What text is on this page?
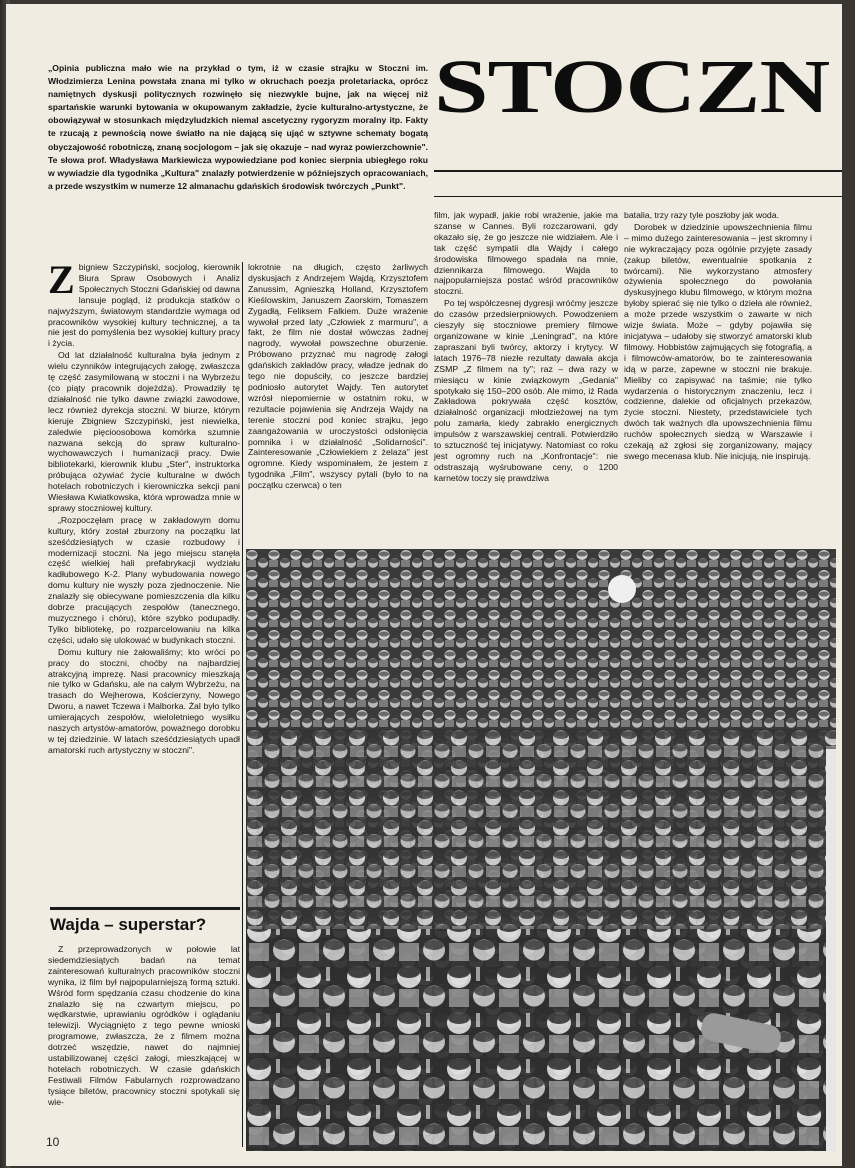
„Opinia publiczna mało wie na przykład o tym, iż w czasie strajku w Stoczni im. Włodzimierza Lenina powstała znana mi tylko w okruchach poezja proletariacka, oprócz namiętnych dyskusji politycznych rozwinęło się niezwykle bujne, jak na więcej niż spartańskie warunki bytowania w okupowanym zakładzie, życie kulturalno-artystyczne, że obowiązywał w stosunkach międzyludzkich niemal ascetyczny rygoryzm moralny itp. Fakty te rzucają z pewnością nowe światło na nie dającą się ująć w sztywne schematy bogatą obyczajowość robotniczą, znaną socjologom – jak się okazuje – nad wyraz powierzchownie". Te słowa prof. Władysława Markiewicza wypowiedziane pod koniec sierpnia ubiegłego roku w wywiadzie dla tygodnika „Kultura" znalazły potwierdzenie w późniejszych opracowaniach, a przede wszystkim w numerze 12 almanachu gdańskich środowisk twórczych „Punkt".

STOCZN

Zbigniew Szczypiński, socjolog, kierownik Biura Spraw Osobowych i Analiz Społecznych Stoczni Gdańskiej od dawna lansuje pogląd, iż produkcja statków o najwyższym, światowym standardzie wymaga od pracowników wysokiej kultury technicznej, a ta nie jest do pomyślenia bez wysokiej kultury pracy i życia.

Od lat działalność kulturalna była jednym z wielu czynników integrujących załogę, zwłaszcza tę część zasymilowaną w stoczni i na Wybrzeżu (co piąty pracownik dojeżdża). Prowadziły tę działalność nie tylko dawne związki zawodowe, lecz również dyrekcja stoczni. W biurze, którym kieruje Zbigniew Szczypiński, jest niewielka, zaledwie pięcioosobowa komórka szumnie nazwana sekcją do spraw kulturalno-wychowawczych i humanizacji pracy. Dwie bibliotekarki, kierownik klubu „Ster", instruktorka próbująca ożywiać życie kulturalne w dwóch hotelach robotniczych i kierowniczka sekcji pani Wiesława Kwiatkowska, która wprowadza mnie w sprawy stoczniowej kultury.

„Rozpoczęłam pracę w zakładowym domu kultury, który został zburzony na początku lat sześćdziesiątych w czasie rozbudowy i modernizacji stoczni. Na jego miejscu stanęła część wielkiej hali prefabrykacji wydziału kadłubowego K-2. Plany wybudowania nowego domu kultury nie wyszły poza zjednoczenie. Nie znalazły się obiecywane pomieszczenia dla kilku dobrze pracujących zespołów (tanecznego, muzycznego i chóru), które szybko podupadły. Tylko bibliotekę, po rozparcelowaniu na kilka części, udało się ulokować w budynkach stoczni.

Domu kultury nie żałowaliśmy; kto wróci po pracy do stoczni, choćby na najbardziej atrakcyjną imprezę. Nasi pracownicy mieszkają nie tylko w Gdańsku, ale na całym Wybrzeżu, na trasach do Wejherowa, Kościerzyny, Nowego Dworu, a nawet Tczewa i Malborka. Żal było tylko umierających zespołów, wieloletniego wysiłku naszych artystów-amatorów, poważnego dorobku w tej dziedzinie. W latach sześćdziesiątych upadł amatorski ruch artystyczny w stoczni".

Wajda – superstar?

Z przeprowadzonych w połowie lat siedemdziesiątych badań na temat zainteresowań kulturalnych pracowników stoczni wynika, iż film był najpopularniejszą formą sztuki. Wśród form spędzania czasu chodzenie do kina znalazło się na czwartym miejscu, po wędkarstwie, uprawianiu ogródków i oglądaniu telewizji. Wyciągnięto z tego pewne wnioski programowe, zwłaszcza, że z filmem można dotrzeć wszędzie, nawet do najmniej ustabilizowanej części załogi, mieszkającej w hotelach robotniczych. W czasie gdańskich Festiwali Filmów Fabularnych rozprowadzano tysiące biletów, pracownicy stoczni spotykali się wie-

lokrotnie na długich, często żarliwych dyskusjach z Andrzejem Wajdą, Krzysztofem Zanussim, Agnieszką Holland, Krzysztofem Kieślowskim, Januszem Zaorskim, Tomaszem Zygadłą, Feliksem Falkiem. Duże wrażenie wywołał przed laty „Człowiek z marmuru", a fakt, że film nie dostał wówczas żadnej nagrody, wywołał powszechne oburzenie. Próbowano przyznać mu nagrodę załogi gdańskich zakładów pracy, władze jednak do tego nie dopuściły, co jeszcze bardziej podniosło autorytet Wajdy. Ten autorytet wzrósł niepomiernie w ostatnim roku, w rezultacie pojawienia się Andrzeja Wajdy na terenie stoczni pod koniec strajku, jego zaangażowania w uroczystości odsłonięcia pomnika i w działalność „Solidarności". Zainteresowanie „Człowiekiem z żelaza" jest ogromne. Kiedy wspominałem, że jestem z tygodnika „Film", wszyscy pytali (było to na początku czerwca) o ten

film, jak wypadł, jakie robi wrażenie, jakie ma szanse w Cannes. Byli rozczarowani, gdy okazało się, że go jeszcze nie widziałem. Ale i tak część sympatii dla Wajdy i całego środowiska filmowego spadała na mnie, dziennikarza filmowego. Wajda to najpopularniejsza postać wśród pracowników stoczni.

Po tej współczesnej dygresji wróćmy jeszcze do czasów przedsierpniowych. Powodzeniem cieszyły się stoczniowe premiery filmowe organizowane w kinie „Leningrad", na które zapraszani byli twórcy, aktorzy i krytycy. W latach 1976–78 niezłe rezultaty dawała akcja ZSMP „Z filmem na ty"; raz – dwa razy w miesiącu w kinie związkowym „Gedania" spotykało się 150–200 osób. Ale mimo, iż Rada Zakładowa pokrywała część kosztów, działalność organizacji młodzieżowej na tym polu zamarła, kiedy zabrakło energicznych impulsów z warszawskiej centrali. Potwierdziło to sztuczność tej inicjatywy. Natomiast co roku jest ogromny ruch na „Konfrontacje": nie odstraszają wyśrubowane ceny, o 1200 karnetów toczy się prawdziwa

batalia, trzy razy tyle poszłoby jak woda.

Dorobek w dziedzinie upowszechnienia filmu – mimo dużego zainteresowania – jest skromny i nie wykraczający poza ogólnie przyjęte zasady (zakup biletów, ewentualnie spotkania z twórcami). Nie wykorzystano atmosfery ożywienia społecznego do powołania dyskusyjnego klubu filmowego, w którym można byłoby spierać się nie tylko o dzieła ale również, a może przede wszystkim o zawarte w nich wizje świata. Może – gdyby pojawiła się inicjatywa – udałoby się stworzyć amatorski klub filmowy. Hobbistów zajmujących się fotografią, a i filmowców-amatorów, bo te zainteresowania idą w parze, zapewne w stoczni nie brakuje. Mieliby co zapisywać na taśmie; nie tylko wydarzenia o historycznym znaczeniu, lecz i codzienne, dalekie od oficjalnych przekazów, życie stoczni. Niestety, przedstawiciele tych dwóch tak ważnych dla upowszechnienia filmu ruchów społecznych siedzą w Warszawie i czekają aż zgłosi się zorganizowany, mający swego mecenasa klub. Nie inicjują, nie inspirują.

10
